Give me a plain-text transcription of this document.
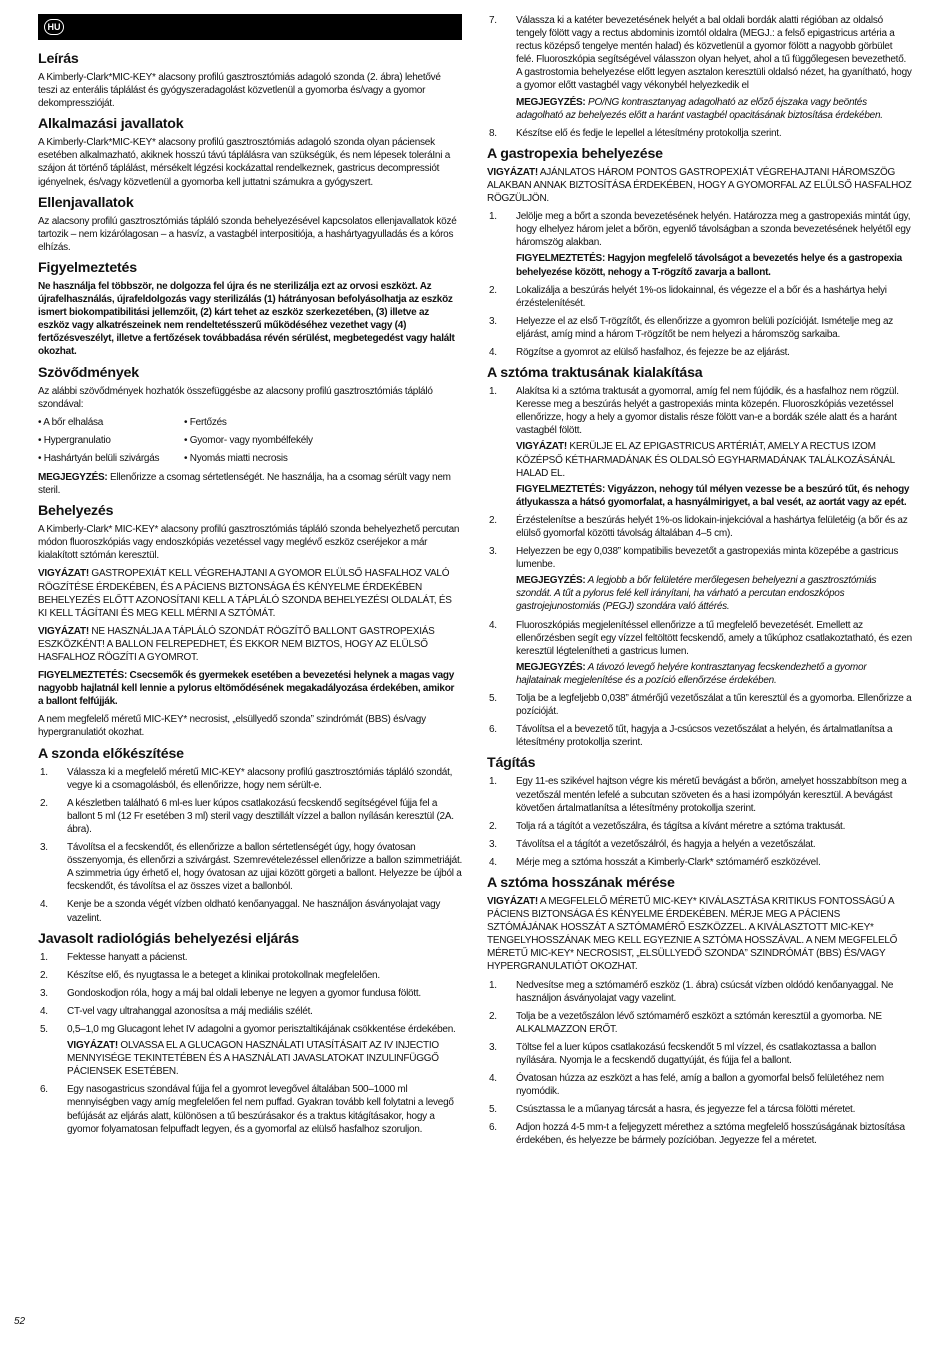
HU
Leírás

A Kimberly-Clark*MIC-KEY* alacsony profilú gasztrosztómiás adagoló szonda (2. ábra) lehetővé teszi az enterális táplálást és gyógyszeradagolást közvetlenül a gyomorba és/vagy a gyomor dekompresszióját.

Alkalmazási javallatok

A Kimberly-Clark*MIC-KEY* alacsony profilú gasztrosztómiás adagoló szonda olyan páciensek esetében alkalmazható, akiknek hosszú távú táplálásra van szükségük, és nem lépesek toleráIni a szájon át történő táplálást, mérsékelt légzési kockázattal rendelkeznek, gastricus decompressiót igényelnek, és/vagy közvetlenül a gyomorba kell juttatni számukra a gyógyszert.

Ellenjavallatok

Az alacsony profilú gasztrosztómiás tápláló szonda behelyezésével kapcsolatos ellenjavallatok közé tartozik – nem kizárólagosan – a hasvíz, a vastagbél interpositiója, a hashártyagyulladás és a kóros elhízás.

Figyelmeztetés

Ne használja fel többször, ne dolgozza fel újra és ne sterilizálja ezt az orvosi eszközt. Az újrafelhasználás, újrafeldolgozás vagy sterilizálás (1) hátrányosan befolyásolhatja az eszköz ismert biokompatibilitási jellemzőit, (2) kárt tehet az eszköz szerkezetében, (3) illetve az eszköz vagy alkatrészeinek nem rendeltetésszerű működéséhez vezethet vagy (4) fertőzésveszélyt, illetve a fertőzések továbbadása révén sérülést, megbetegedést vagy halált okozhat.

Szövődmények

Az alábbi szövődmények hozhatók összefüggésbe az alacsony profilú gasztrosztómiás tápláló szondával:

• A bőr elhalása	• Fertőzés
• Hypergranulatio	• Gyomor- vagy nyombélfekély
• Hashártyán belüli szivárgás	• Nyomás miatti necrosis

MEGJEGYZÉS: Ellenőrizze a csomag sértetlenségét. Ne használja, ha a csomag sérült vagy nem steril.

Behelyezés

A Kimberly-Clark* MIC-KEY* alacsony profilú gasztrosztómiás tápláló szonda behelyezhető percutan módon fluoroszkópiás vagy endoszkópiás vezetéssel vagy meglévő eszköz cseréjekor a már kialakított sztómán keresztül.

VIGYÁZAT! GASTROPEXIÁT KELL VÉGREHAJTANI A GYOMOR ELÜLSŐ HASFALHOZ VALÓ RÖGZÍTÉSE ÉRDEKÉBEN, ÉS A PÁCIENS BIZTONSÁGA ÉS KÉNYELME ÉRDEKÉBEN BEHELYEZÉS ELŐTT AZONOSÍTANI KELL A TÁPLÁLÓ SZONDA BEHELYEZÉSI OLDALÁT, ÉS KI KELL TÁGÍTANI ÉS MEG KELL MÉRNI A SZTÓMÁT.

VIGYÁZAT! NE HASZNÁLJA A TÁPLÁLÓ SZONDÁT RÖGZÍTŐ BALLONT GASTROPEXIÁS ESZKÖZKÉNT! A BALLON FELREPEDHET, ÉS EKKOR NEM BIZTOS, HOGY AZ ELÜLSŐ HASFALHOZ RÖGZÍTI A GYOMROT.

FIGYELMEZTETÉS: Csecsemők és gyermekek esetében a bevezetési helynek a magas vagy nagyobb hajlatnál kell lennie a pylorus eltömődésének megakadályozása érdekében, amikor a ballont felfújják.

A nem megfelelő méretű MIC-KEY* necrosist, „elsüllyedő szonda” szindrómát (BBS) és/vagy hypergranulatiót okozhat.

A szonda előkészítése
1. Válassza ki a megfelelő méretű MIC-KEY* alacsony profilú gasztrosztómiás tápláló szondát, vegye ki a csomagolásból, és ellenőrizze, hogy nem sérült-e.
2. A készletben található 6 ml-es luer kúpos csatlakozású fecskendő segítségével fújja fel a ballont 5 ml (12 Fr esetében 3 ml) steril vagy desztillált vízzel a ballon nyílásán keresztül (2A. ábra).
3. Távolítsa el a fecskendőt, és ellenőrizze a ballon sértetlenségét úgy, hogy óvatosan összenyomja, és ellenőrzi a szivárgást. Szemrevételezéssel ellenőrizze a ballon szimmetriáját. A szimmetria úgy érhető el, hogy óvatosan az ujjai között görgeti a ballont. Helyezze be újból a fecskendőt, és távolítsa el az összes vizet a ballonból.
4. Kenje be a szonda végét vízben oldható kenőanyaggal. Ne használjon ásványolajat vagy vazelint.
Javasolt radiológiás behelyezési eljárás
1. Fektesse hanyatt a pácienst.
2. Készítse elő, és nyugtassa le a beteget a klinikai protokollnak megfelelően.
3. Gondoskodjon róla, hogy a máj bal oldali lebenye ne legyen a gyomor fundusa fölött.
4. CT-vel vagy ultrahanggal azonosítsa a máj mediális szélét.
5. 0,5–1,0 mg Glucagont lehet IV adagolni a gyomor perisztaltikájának csökkentése érdekében.

VIGYÁZAT! OLVASSA EL A GLUCAGON HASZNÁLATI UTASÍTÁSAIT AZ IV INJECTIO MENNYISÉGE TEKINTETÉBEN ÉS A HASZNÁLATI JAVASLATOKAT INZULINFÜGGŐ PÁCIENSEK ESETÉBEN.

6. Egy nasogastricus szondával fújja fel a gyomrot levegővel általában 500–1000 ml mennyiségben vagy amíg megfelelően fel nem puffad. Gyakran tovább kell folytatni a levegő befújását az eljárás alatt, különösen a tű beszúrásakor és a traktus kitágításakor, hogy a gyomor folyamatosan felpuffadt legyen, és a gyomorfal az elülső hasfalhoz szoruljon.
7. Válassza ki a katéter bevezetésének helyét a bal oldali bordák alatti régióban az oldalsó tengely fölött vagy a rectus abdominis izomtól oldalra (MEGJ.: a felső epigastricus artéria a rectus középső tengelye mentén halad) és közvetlenül a gyomor fölött a nagyobb görbület felé. Fluoroszkópia segítségével válasszon olyan helyet, ahol a tű függőlegesen bevezethető. A gastrostomia behelyezése előtt legyen asztalon keresztüli oldalsó nézet, ha gyanítható, hogy a gyomor előtt vastagbél vagy vékonybél helyezkedik el

MEGJEGYZÉS: PO/NG kontrasztanyag adagolható az előző éjszaka vagy beöntés adagolható az behelyezés előtt a haránt vastagbél opacitásának biztosítása érdekében.

8. Készítse elő és fedje le lepellel a létesítmény protokollja szerint.
A gastropexia behelyezése

VIGYÁZAT! AJÁNLATOS HÁROM PONTOS GASTROPEXIÁT VÉGREHAJTANI HÁROMSZÖG ALAKBAN ANNAK BIZTOSÍTÁSA ÉRDEKÉBEN, HOGY A GYOMORFAL AZ ELÜLSŐ HASFALHOZ RÖGZÜLJÖN.

1. Jelölje meg a bőrt a szonda bevezetésének helyén. Határozza meg a gastropexiás mintát úgy, hogy elhelyez három jelet a bőrön, egyenlő távolságban a szonda bevezetésének helyétől egy háromszög alakban.

FIGYELMEZTETÉS: Hagyjon megfelelő távolságot a bevezetés helye és a gastropexia behelyezése között, nehogy a T-rögzítő zavarja a ballont.

2. Lokalizálja a beszúrás helyét 1%-os lidokainnal, és végezze el a bőr és a hashártya helyi érzéstelenítését.
3. Helyezze el az első T-rögzítőt, és ellenőrizze a gyomron belüli pozícióját. Ismételje meg az eljárást, amíg mind a három T-rögzítőt be nem helyezi a háromszög sarkaiba.
4. Rögzítse a gyomrot az elülső hasfalhoz, és fejezze be az eljárást.
A sztóma traktusának kialakítása
1. Alakítsa ki a sztóma traktusát a gyomorral, amíg fel nem fújódik, és a hasfalhoz nem rögzül. Keresse meg a beszúrás helyét a gastropexiás minta közepén. Fluoroszkópiás vezetéssel ellenőrizze, hogy a hely a gyomor distalis része fölött van-e a bordák széle alatt és a haránt vastagbél fölött.

VIGYÁZAT! KERÜLJE EL AZ EPIGASTRICUS ARTÉRIÁT, AMELY A RECTUS IZOM KÖZÉPSŐ KÉTHARMADÁNAK ÉS OLDALSÓ EGYHARMADÁNAK TALÁLKOZÁSÁNÁL HALAD EL.

FIGYELMEZTETÉS: Vigyázzon, nehogy túl mélyen vezesse be a beszúró tűt, és nehogy átlyukassza a hátsó gyomorfalat, a hasnyálmirigyet, a bal vesét, az aortát vagy az epét.

2. Érzéstelenítse a beszúrás helyét 1%-os lidokain-injekcióval a hashártya felületéig (a bőr és az elülső gyomorfal közötti távolság általában 4–5 cm).
3. Helyezzen be egy 0,038” kompatibilis bevezetőt a gastropexiás minta közepébe a gastricus lumenbe.

MEGJEGYZÉS: A legjobb a bőr felületére merőlegesen behelyezni a gasztrosztómiás szondát. A tűt a pylorus felé kell irányítani, ha várható a percutan endoszkópos gastrojejunostomiás (PEGJ) szondára való áttérés.

4. Fluoroszkópiás megjelenítéssel ellenőrizze a tű megfelelő bevezetését. Emellett az ellenőrzésben segít egy vízzel feltöltött fecskendő, amely a tűkúphoz csatlakoztatható, és ezen keresztül légtelenítheti a gastricus lumen.

MEGJEGYZÉS: A távozó levegő helyére kontrasztanyag fecskendezhető a gyomor hajlatainak megjelenítése és a pozíció ellenőrzése érdekében.

5. Tolja be a legfeljebb 0,038” átmérőjű vezetőszálat a tűn keresztül és a gyomorba. Ellenőrizze a pozícióját.
6. Távolítsa el a bevezető tűt, hagyja a J-csúcsos vezetőszálat a helyén, és ártalmatlanítsa a létesítmény protokollja szerint.
Tágítás
1. Egy 11-es szikével hajtson végre kis méretű bevágást a bőrön, amelyet hosszabbítson meg a vezetőszál mentén lefelé a subcutan szöveten és a hasi izompólyán keresztül. A bevágást követően ártalmatlanítsa a létesítmény protokollja szerint.
2. Tolja rá a tágítót a vezetőszálra, és tágítsa a kívánt méretre a sztóma traktusát.
3. Távolítsa el a tágítót a vezetőszálról, és hagyja a helyén a vezetőszálat.
4. Mérje meg a sztóma hosszát a Kimberly-Clark* sztómamérő eszközével.
A sztóma hosszának mérése

VIGYÁZAT! A MEGFELELŐ MÉRETŰ MIC-KEY* KIVÁLASZTÁSA KRITIKUS FONTOSSÁGÚ A PÁCIENS BIZTONSÁGA ÉS KÉNYELME ÉRDEKÉBEN. MÉRJE MEG A PÁCIENS SZTÓMÁJÁNAK HOSSZÁT A SZTÓMAMÉRŐ ESZKÖZZEL. A KIVÁLASZTOTT MIC-KEY* TENGELYHOSSZÁNAK MEG KELL EGYEZNIE A SZTÓMA HOSSZÁVAL. A NEM MEGFELELŐ MÉRETŰ MIC-KEY* NECROSIST, „ELSÜLLYEDŐ SZONDA” SZINDRÓMÁT (BBS) ÉS/VAGY HYPERGRANULATIÓT OKOZHAT.

1. Nedvesítse meg a sztómamérő eszköz (1. ábra) csúcsát vízben oldódó kenőanyaggal. Ne használjon ásványolajat vagy vazelint.
2. Tolja be a vezetőszálon lévő sztómamérő eszközt a sztómán keresztül a gyomorba. NE ALKALMAZZON ERŐT.
3. Töltse fel a luer kúpos csatlakozású fecskendőt 5 ml vízzel, és csatlakoztassa a ballon nyílására. Nyomja le a fecskendő dugattyúját, és fújja fel a ballont.
4. Óvatosan húzza az eszközt a has felé, amíg a ballon a gyomorfal belső felületéhez nem nyomódik.
5. Csúsztassa le a műanyag tárcsát a hasra, és jegyezze fel a tárcsa fölötti méretet.
6. Adjon hozzá 4-5 mm-t a feljegyzett mérethez a sztóma megfelelő hosszúságának biztosítása érdekében, és helyezze be bármely pozícióban. Jegyezze fel a méretet.
52
